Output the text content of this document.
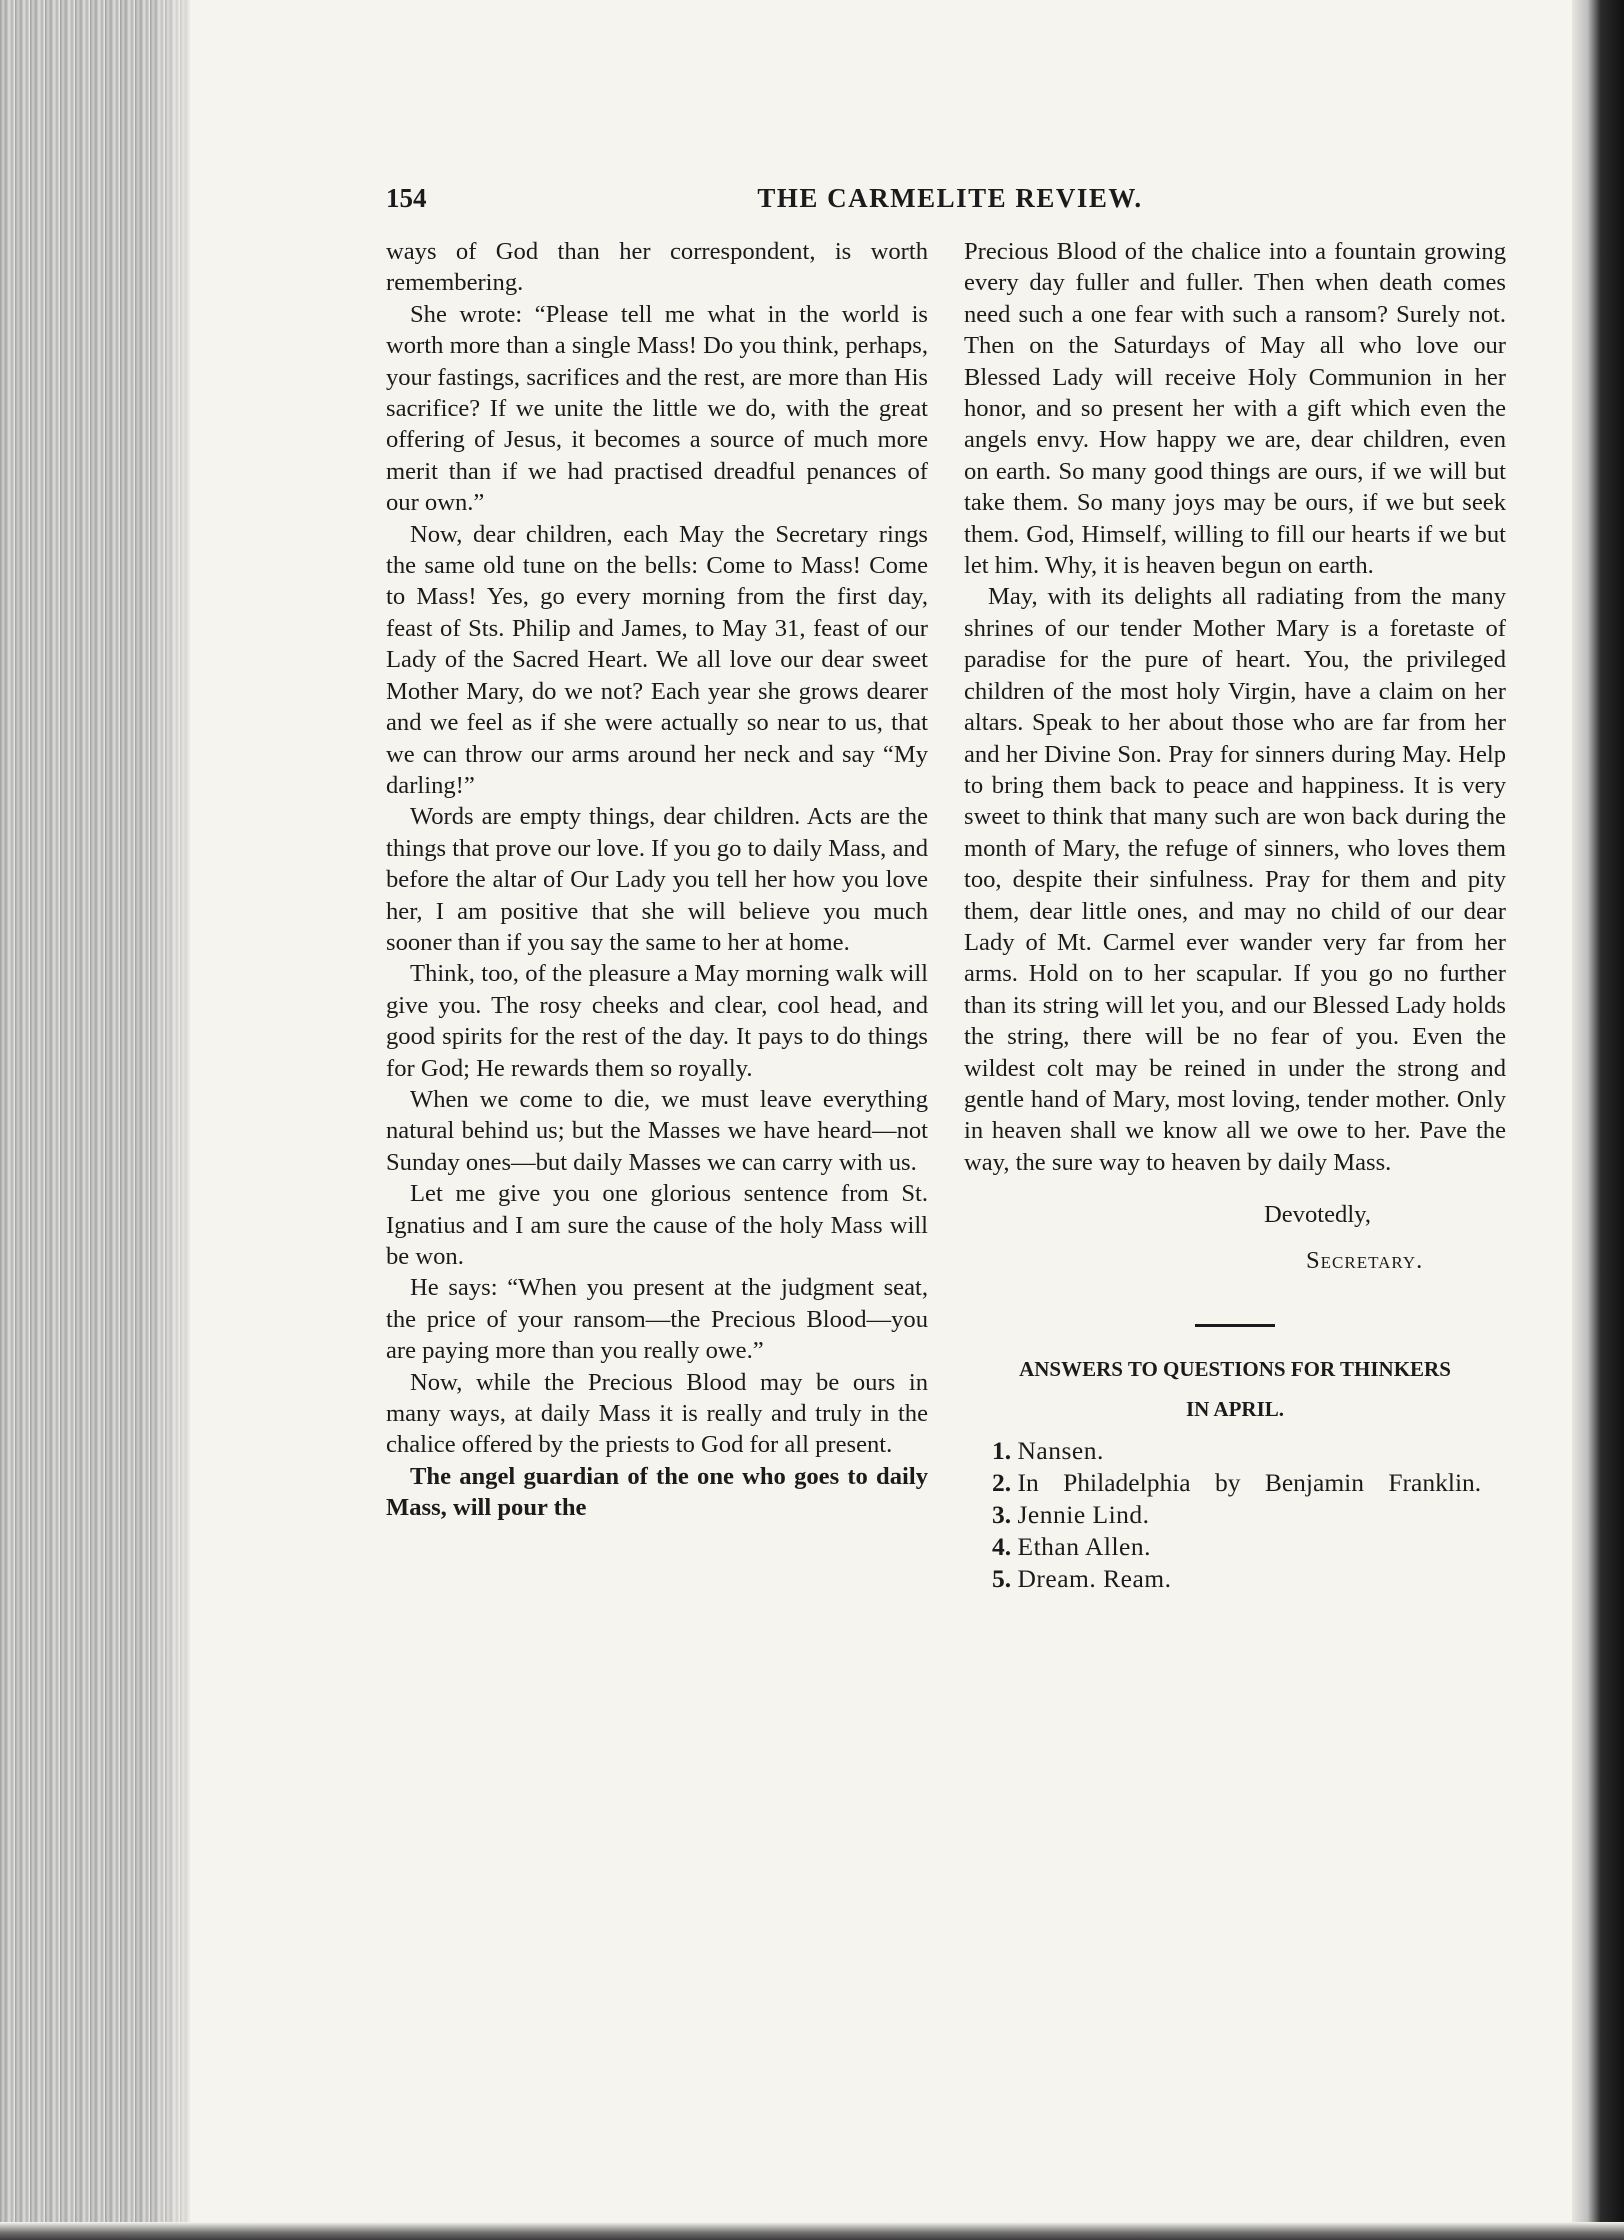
154	THE CARMELITE REVIEW.

ways of God than her correspondent, is worth remembering.

She wrote: “Please tell me what in the world is worth more than a single Mass! Do you think, perhaps, your fastings, sacrifices and the rest, are more than His sacrifice? If we unite the little we do, with the great offering of Jesus, it becomes a source of much more merit than if we had practised dreadful penances of our own.”

Now, dear children, each May the Secretary rings the same old tune on the bells: Come to Mass! Come to Mass! Yes, go every morning from the first day, feast of Sts. Philip and James, to May 31, feast of our Lady of the Sacred Heart. We all love our dear sweet Mother Mary, do we not? Each year she grows dearer and we feel as if she were actually so near to us, that we can throw our arms around her neck and say “My darling!”

Words are empty things, dear children. Acts are the things that prove our love. If you go to daily Mass, and before the altar of Our Lady you tell her how you love her, I am positive that she will believe you much sooner than if you say the same to her at home.

Think, too, of the pleasure a May morning walk will give you. The rosy cheeks and clear, cool head, and good spirits for the rest of the day. It pays to do things for God; He rewards them so royally.

When we come to die, we must leave everything natural behind us; but the Masses we have heard—not Sunday ones—but daily Masses we can carry with us.

Let me give you one glorious sentence from St. Ignatius and I am sure the cause of the holy Mass will be won.

He says: “When you present at the judgment seat, the price of your ransom—the Precious Blood—you are paying more than you really owe.”

Now, while the Precious Blood may be ours in many ways, at daily Mass it is really and truly in the chalice offered by the priests to God for all present.

The angel guardian of the one who goes to daily Mass, will pour the

Precious Blood of the chalice into a fountain growing every day fuller and fuller. Then when death comes need such a one fear with such a ransom? Surely not. Then on the Saturdays of May all who love our Blessed Lady will receive Holy Communion in her honor, and so present her with a gift which even the angels envy. How happy we are, dear children, even on earth. So many good things are ours, if we will but take them. So many joys may be ours, if we but seek them. God, Himself, willing to fill our hearts if we but let him. Why, it is heaven begun on earth.

May, with its delights all radiating from the many shrines of our tender Mother Mary is a foretaste of paradise for the pure of heart. You, the privileged children of the most holy Virgin, have a claim on her altars. Speak to her about those who are far from her and her Divine Son. Pray for sinners during May. Help to bring them back to peace and happiness. It is very sweet to think that many such are won back during the month of Mary, the refuge of sinners, who loves them too, despite their sinfulness. Pray for them and pity them, dear little ones, and may no child of our dear Lady of Mt. Carmel ever wander very far from her arms. Hold on to her scapular. If you go no further than its string will let you, and our Blessed Lady holds the string, there will be no fear of you. Even the wildest colt may be reined in under the strong and gentle hand of Mary, most loving, tender mother. Only in heaven shall we know all we owe to her. Pave the way, the sure way to heaven by daily Mass.

Devotedly,
Secretary.
ANSWERS TO QUESTIONS FOR THINKERS
IN APRIL.
1. Nansen.
2. In Philadelphia by Benjamin Franklin.
3. Jennie Lind.
4. Ethan Allen.
5. Dream. Ream.
